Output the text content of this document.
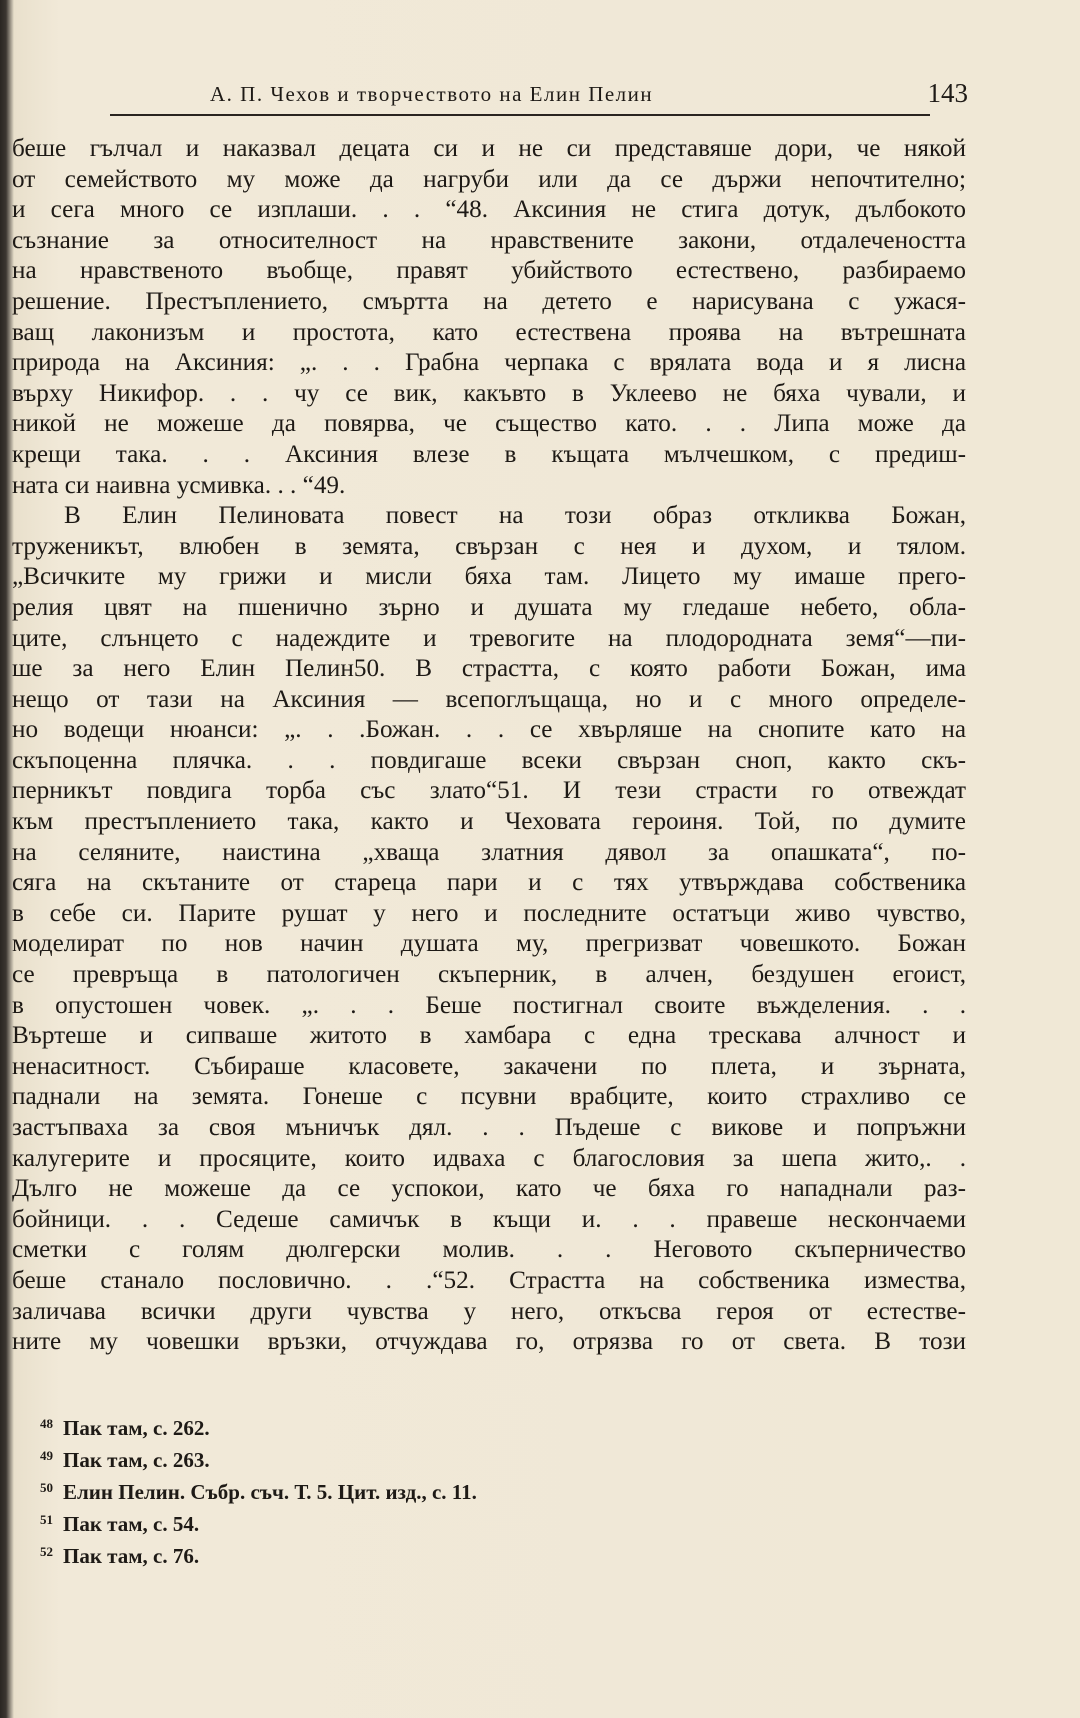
А. П. Чехов и творчеството на Елин Пелин	143
беше гълчал и наказвал децата си и не си представяше дори, че някой
от семейството му може да нагруби или да се държи непочтително;
и сега много се изплаши. . . “48. Аксиния не стига дотук, дълбокото
съзнание за относителност на нравствените закони, отдалечеността
на нравственото въобще, правят убийството естествено, разбираемо
решение. Престъплението, смъртта на детето е нарисувана с ужася-
ващ лаконизъм и простота, като естествена проява на вътрешната
природа на Аксиния: „. . . Грабна черпака с врялата вода и я лисна
върху Никифор. . . чу се вик, какъвто в Уклеево не бяха чували, и
никой не можеше да повярва, че същество като. . . Липа може да
крещи така. . . Аксиния влезе в къщата мълчешком, с предиш-
ната си наивна усмивка. . . “49.
В Елин Пелиновата повест на този образ откликва Божан,
труженикът, влюбен в земята, свързан с нея и духом, и тялом.
„Всичките му грижи и мисли бяха там. Лицето му имаше прего-
релия цвят на пшенично зърно и душата му гледаше небето, обла-
ците, слънцето с надеждите и тревогите на плодородната земя“—пи-
ше за него Елин Пелин50. В страстта, с която работи Божан, има
нещо от тази на Аксиния — всепоглъщаща, но и с много определе-
но водещи нюанси: „. . .Божан. . . се хвърляше на снопите като на
скъпоценна плячка. . . повдигаше всеки свързан сноп, както скъ-
перникът повдига торба със злато“51. И тези страсти го отвеждат
към престъплението така, както и Чеховата героиня. Той, по думите
на селяните, наистина „хваща златния дявол за опашката“, по-
сяга на скътаните от стареца пари и с тях утвърждава собственика
в себе си. Парите рушат у него и последните остатъци живо чувство,
моделират по нов начин душата му, прегризват човешкото. Божан
се превръща в патологичен скъперник, в алчен, бездушен егоист,
в опустошен човек. „. . . Беше постигнал своите въжделения. . .
Въртеше и сипваше житото в хамбара с една трескава алчност и
ненаситност. Събираше класовете, закачени по плета, и зърната,
паднали на земята. Гонеше с псувни врабците, които страхливо се
застъпваха за своя мъничък дял. . . Пъдеше с викове и попръжни
калугерите и просяците, които идваха с благословия за шепа жито,. .
Дълго не можеше да се успокои, като че бяха го нападнали раз-
бойници. . . Седеше самичък в къщи и. . . правеше нескончаеми
сметки с голям дюлгерски молив. . . Неговото скъперничество
беше станало пословично. . .“52. Страстта на собственика измества,
заличава всички други чувства у него, откъсва героя от естестве-
ните му човешки връзки, отчуждава го, отрязва го от света. В този
$^{48}$ Пак там, с. 262.
$^{49}$ Пак там, с. 263.
$^{50}$ Елин Пелин. Събр. съч. Т. 5. Цит. изд., с. 11.
$^{51}$ Пак там, с. 54.
$^{52}$ Пак там, с. 76.
